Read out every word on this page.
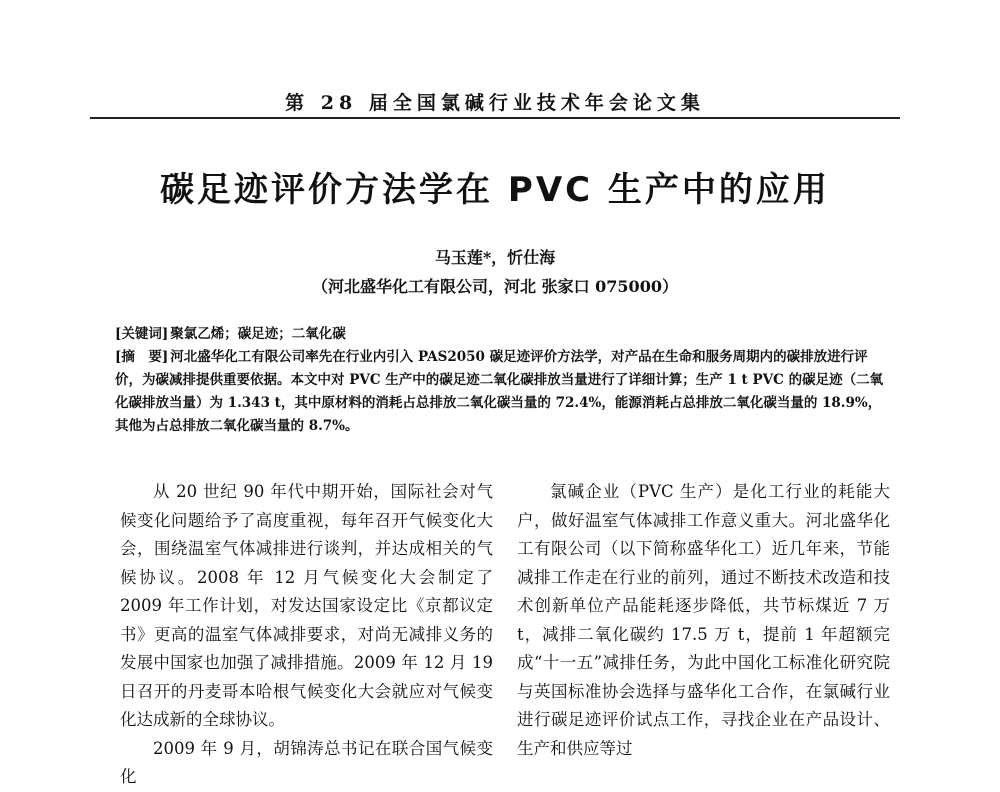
第 28 届全国氯碱行业技术年会论文集
碳足迹评价方法学在 PVC 生产中的应用
马玉莲*，忻仕海
（河北盛华化工有限公司，河北 张家口 075000）
[关键词] 聚氯乙烯；碳足迹；二氧化碳
[摘　要] 河北盛华化工有限公司率先在行业内引入 PAS2050 碳足迹评价方法学，对产品在生命和服务周期内的碳排放进行评价，为碳减排提供重要依据。本文中对 PVC 生产中的碳足迹二氧化碳排放当量进行了详细计算；生产 1 t PVC 的碳足迹（二氧化碳排放当量）为 1.343 t，其中原材料的消耗占总排放二氧化碳当量的 72.4%，能源消耗占总排放二氧化碳当量的 18.9%，其他为占总排放二氧化碳当量的 8.7%。

从 20 世纪 90 年代中期开始，国际社会对气候变化问题给予了高度重视，每年召开气候变化大会，围绕温室气体减排进行谈判，并达成相关的气候协议。2008 年 12 月气候变化大会制定了 2009 年工作计划，对发达国家设定比《京都议定书》更高的温室气体减排要求，对尚无减排义务的发展中国家也加强了减排措施。2009 年 12 月 19 日召开的丹麦哥本哈根气候变化大会就应对气候变化达成新的全球协议。

2009 年 9 月，胡锦涛总书记在联合国气候变化

氯碱企业（PVC 生产）是化工行业的耗能大户，做好温室气体减排工作意义重大。河北盛华化工有限公司（以下简称盛华化工）近几年来，节能减排工作走在行业的前列，通过不断技术改造和技术创新单位产品能耗逐步降低，共节标煤近 7 万 t，减排二氧化碳约 17.5 万 t，提前 1 年超额完成“十一五”减排任务，为此中国化工标准化研究院与英国标准协会选择与盛华化工合作，在氯碱行业进行碳足迹评价试点工作，寻找企业在产品设计、生产和供应等过
